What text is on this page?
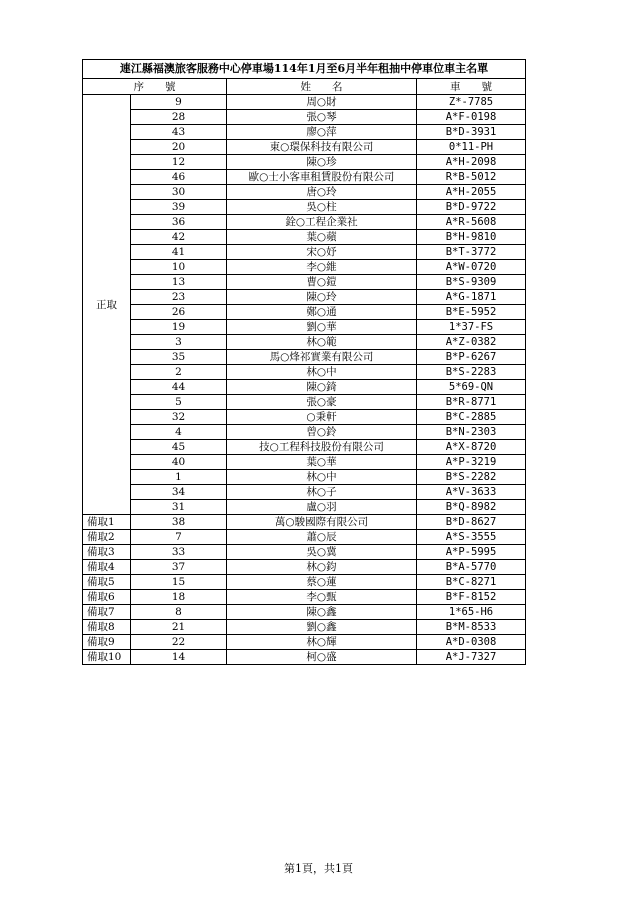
連江縣福澳旅客服務中心停車場114年1月至6月半年租抽中停車位車主名單			
序　　號		姓　　名	車　　號
正取	9	周○財	Z*-7785
	28	張○琴	A*F-0198
	43	廖○萍	B*D-3931
	20	東○環保科技有限公司	0*11-PH
	12	陳○珍	A*H-2098
	46	歐○士小客車租賃股份有限公司	R*B-5012
	30	唐○玲	A*H-2055
	39	吳○柱	B*D-9722
	36	銓○工程企業社	A*R-5608
	42	葉○蘋	B*H-9810
	41	宋○妤	B*T-3772
	10	李○維	A*W-0720
	13	曹○鎧	B*S-9309
	23	陳○玲	A*G-1871
	26	鄭○通	B*E-5952
	19	劉○華	1*37-FS
	3	林○範	A*Z-0382
	35	馬○烽祁實業有限公司	B*P-6267
	2	林○中	B*S-2283
	44	陳○錡	5*69-QN
	5	張○豪	B*R-8771
	32	○秉軒	B*C-2885
	4	曾○鈴	B*N-2303
	45	技○工程科技股份有限公司	A*X-8720
	40	葉○華	A*P-3219
	1	林○中	B*S-2282
	34	林○子	A*V-3633
	31	盧○羽	B*Q-8982
備取1	38	萬○駿國際有限公司	B*D-8627
備取2	7	蕭○辰	A*S-3555
備取3	33	吳○冀	A*P-5995
備取4	37	林○鈞	B*A-5770
備取5	15	蔡○蓮	B*C-8271
備取6	18	李○甄	B*F-8152
備取7	8	陳○鑫	1*65-H6
備取8	21	劉○鑫	B*M-8533
備取9	22	林○輝	A*D-0308
備取10	14	柯○盛	A*J-7327
第1頁，共1頁
